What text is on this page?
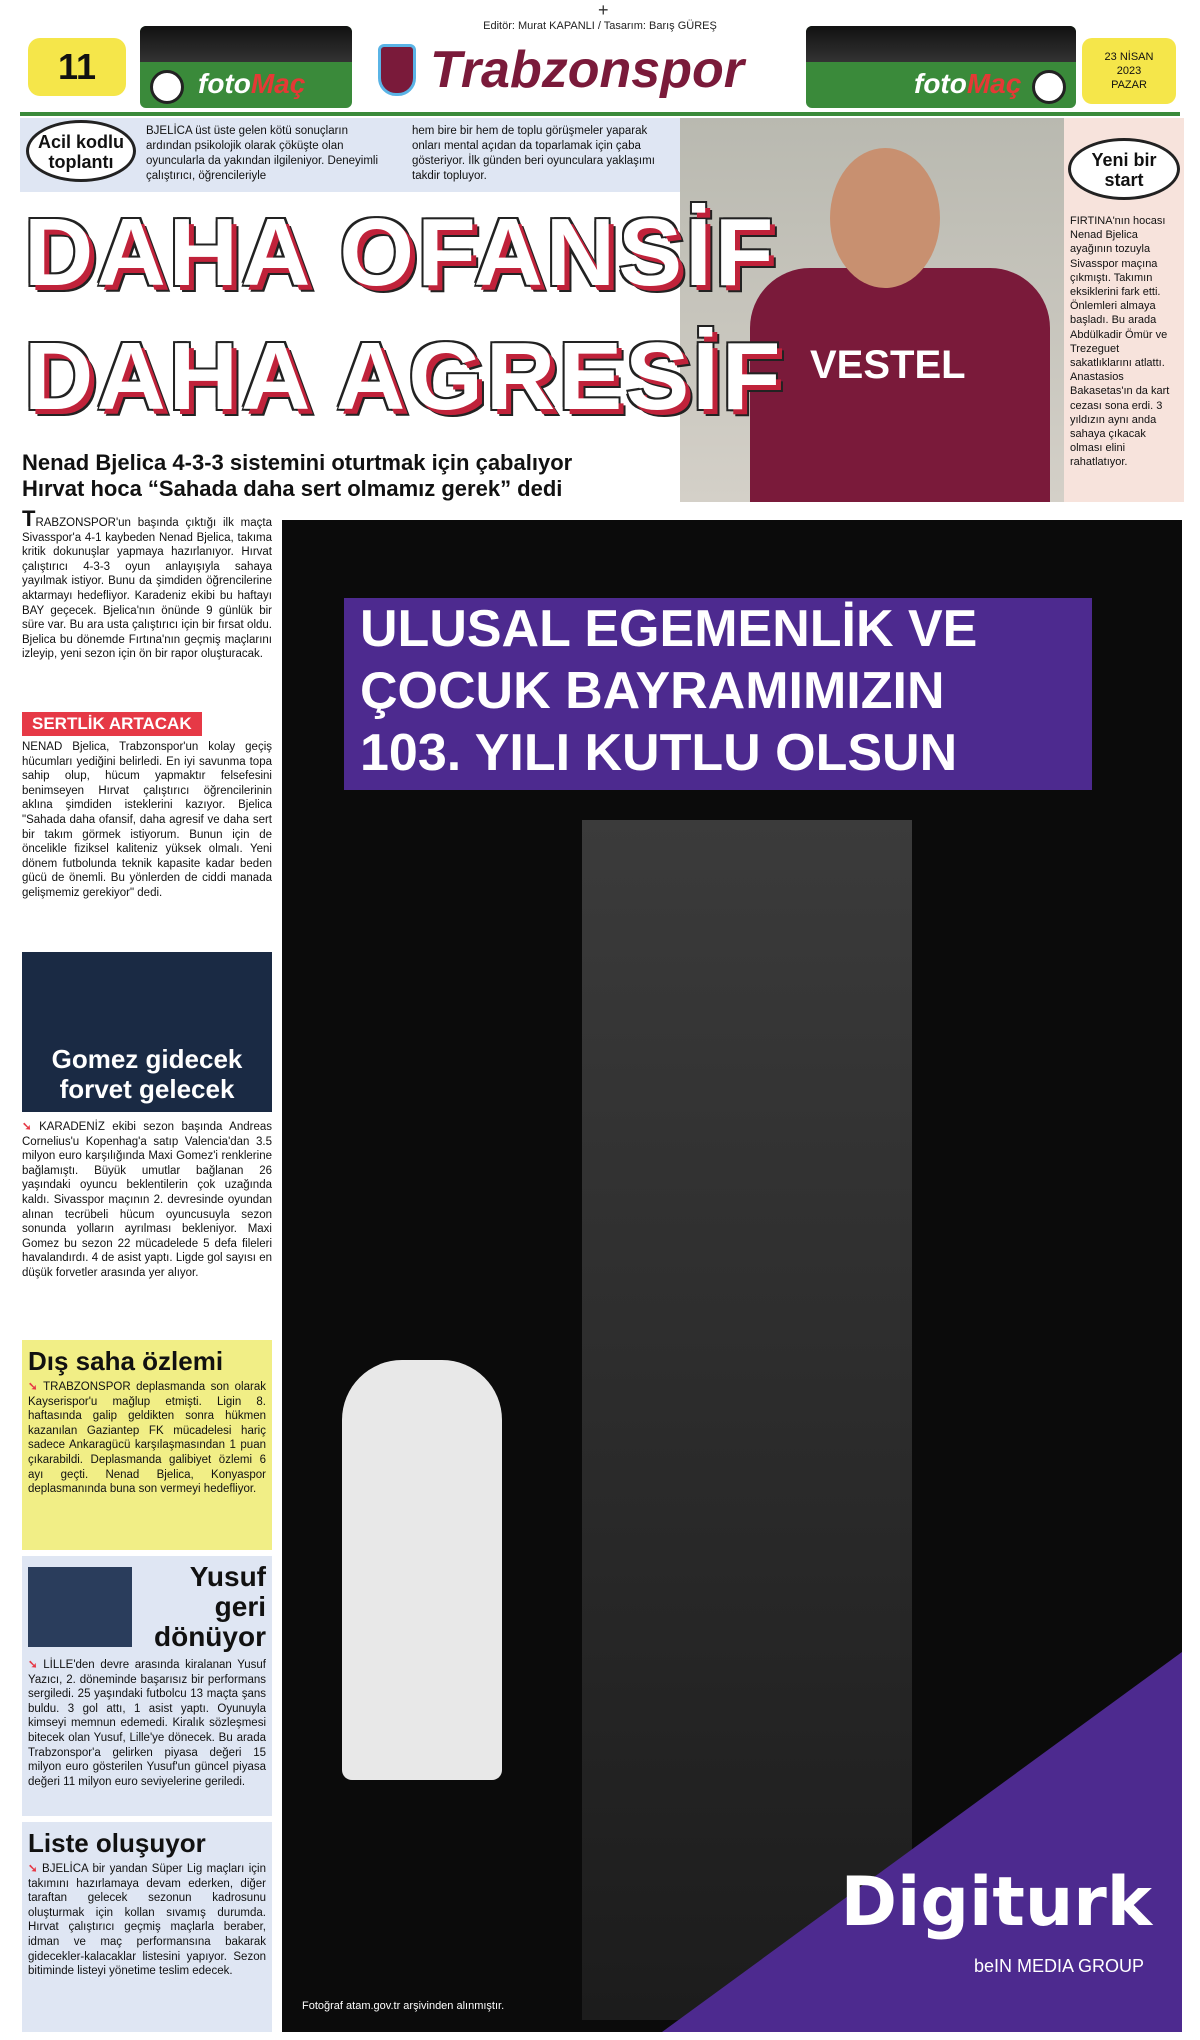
+
Editör: Murat KAPANLI / Tasarım: Barış GÜREŞ
11	fotoMaç Trabzonspor	fotoMaç
23 NİSAN
2023
PAZAR
Acil kodlu toplantı
BJELİCA üst üste gelen kötü sonuçların ardından psikolojik olarak çöküşte olan oyuncularla da yakından ilgileniyor. Deneyimli çalıştırıcı, öğrencileriyle
hem bire bir hem de toplu görüşmeler yaparak onları mental açıdan da toparlamak için çaba gösteriyor. İlk günden beri oyunculara yaklaşımı takdir topluyor.
VESTEL
Yeni bir start
FIRTINA'nın hocası Nenad Bjelica ayağının tozuyla Sivasspor maçına çıkmıştı. Takımın eksiklerini fark etti. Önlemleri almaya başladı. Bu arada Abdülkadir Ömür ve Trezeguet sakatlıklarını atlattı. Anastasios Bakasetas'ın da kart cezası sona erdi. 3 yıldızın aynı anda sahaya çıkacak olması elini rahatlatıyor.
DAHA OFANSİF
DAHA AGRESİF
Nenad Bjelica 4-3-3 sistemini oturtmak için çabalıyor
Hırvat hoca “Sahada daha sert olmamız gerek” dedi

TRABZONSPOR'un başında çıktığı ilk maçta Sivasspor'a 4-1 kaybeden Nenad Bjelica, takıma kritik dokunuşlar yapmaya hazırlanıyor. Hırvat çalıştırıcı 4-3-3 oyun anlayışıyla sahaya yayılmak istiyor. Bunu da şimdiden öğrencilerine aktarmayı hedefliyor. Karadeniz ekibi bu haftayı BAY geçecek. Bjelica'nın önünde 9 günlük bir süre var. Bu ara usta çalıştırıcı için bir fırsat oldu. Bjelica bu dönemde Fırtına'nın geçmiş maçlarını izleyip, yeni sezon için ön bir rapor oluşturacak.

SERTLİK ARTACAK

NENAD Bjelica, Trabzonspor'un kolay geçiş hücumları yediğini belirledi. En iyi savunma topa sahip olup, hücum yapmaktır felsefesini benimseyen Hırvat çalıştırıcı öğrencilerinin aklına şimdiden isteklerini kazıyor. Bjelica "Sahada daha ofansif, daha agresif ve daha sert bir takım görmek istiyorum. Bunun için de öncelikle fiziksel kaliteniz yüksek olmalı. Yeni dönem futbolunda teknik kapasite kadar beden gücü de önemli. Bu yönlerden de ciddi manada gelişmemiz gerekiyor" dedi.

Gomez gidecek forvet gelecek

➘ KARADENİZ ekibi sezon başında Andreas Cornelius'u Kopenhag'a satıp Valencia'dan 3.5 milyon euro karşılığında Maxi Gomez'i renklerine bağlamıştı. Büyük umutlar bağlanan 26 yaşındaki oyuncu beklentilerin çok uzağında kaldı. Sivasspor maçının 2. devresinde oyundan alınan tecrübeli hücum oyuncusuyla sezon sonunda yolların ayrılması bekleniyor. Maxi Gomez bu sezon 22 mücadelede 5 defa fileleri havalandırdı. 4 de asist yaptı. Ligde gol sayısı en düşük forvetler arasında yer alıyor.

Dış saha özlemi

➘ TRABZONSPOR deplasmanda son olarak Kayserispor'u mağlup etmişti. Ligin 8. haftasında galip geldikten sonra hükmen kazanılan Gaziantep FK mücadelesi hariç sadece Ankaragücü karşılaşmasından 1 puan çıkarabildi. Deplasmanda galibiyet özlemi 6 ayı geçti. Nenad Bjelica, Konyaspor deplasmanında buna son vermeyi hedefliyor.

Yusuf geri dönüyor

➘ LİLLE'den devre arasında kiralanan Yusuf Yazıcı, 2. döneminde başarısız bir performans sergiledi. 25 yaşındaki futbolcu 13 maçta şans buldu. 3 gol attı, 1 asist yaptı. Oyunuyla kimseyi memnun edemedi. Kiralık sözleşmesi bitecek olan Yusuf, Lille'ye dönecek. Bu arada Trabzonspor'a gelirken piyasa değeri 15 milyon euro gösterilen Yusuf'un güncel piyasa değeri 11 milyon euro seviyelerine geriledi.

Liste oluşuyor

➘ BJELİCA bir yandan Süper Lig maçları için takımını hazırlamaya devam ederken, diğer taraftan gelecek sezonun kadrosunu oluşturmak için kollan sıvamış durumda. Hırvat çalıştırıcı geçmiş maçlarla beraber, idman ve maç performansına bakarak gidecekler-kalacaklar listesini yapıyor. Sezon bitiminde listeyi yönetime teslim edecek.

ULUSAL EGEMENLİK VE
ÇOCUK BAYRAMIMIZIN
103. YILI KUTLU OLSUN
Fotoğraf atam.gov.tr arşivinden alınmıştır.
Digiturk
beIN MEDIA GROUP
